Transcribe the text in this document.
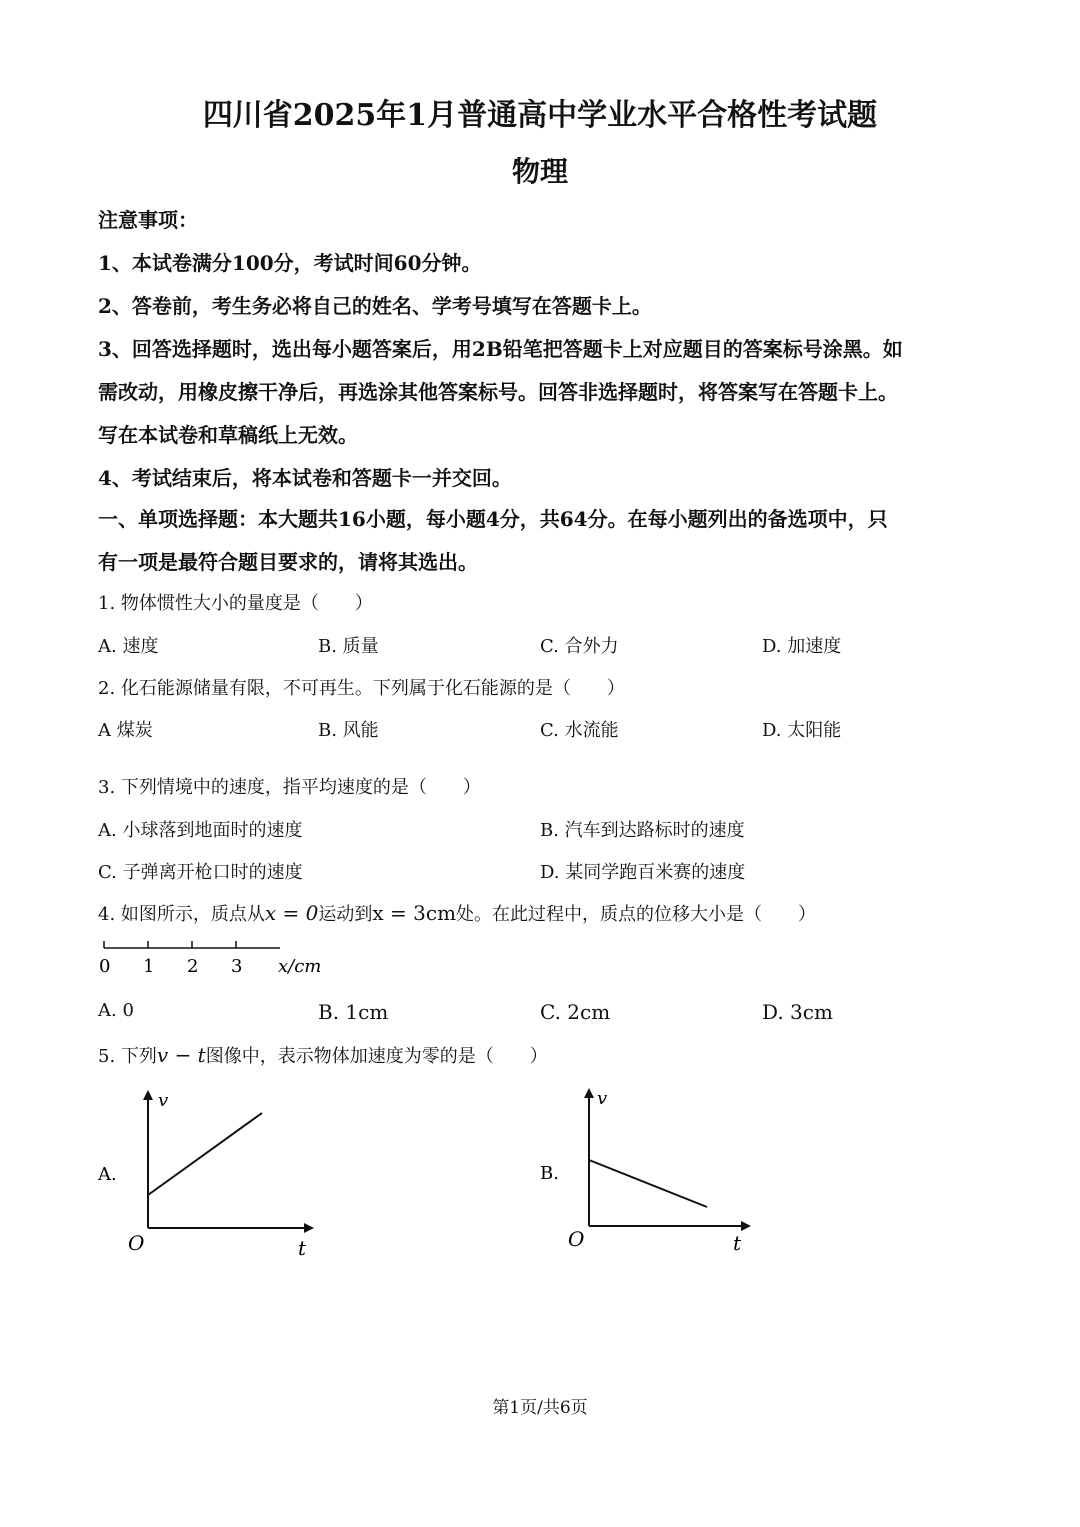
四川省2025年1月普通高中学业水平合格性考试题
物理
注意事项：
1、本试卷满分100分，考试时间60分钟。
2、答卷前，考生务必将自己的姓名、学考号填写在答题卡上。
3、回答选择题时，选出每小题答案后，用2B铅笔把答题卡上对应题目的答案标号涂黑。如
需改动，用橡皮擦干净后，再选涂其他答案标号。回答非选择题时，将答案写在答题卡上。
写在本试卷和草稿纸上无效。
4、考试结束后，将本试卷和答题卡一并交回。
一、单项选择题：本大题共16小题，每小题4分，共64分。在每小题列出的备选项中，只
有一项是最符合题目要求的，请将其选出。
1. 物体惯性大小的量度是（　　）
A. 速度	B. 质量	C. 合外力	D. 加速度
2. 化石能源储量有限，不可再生。下列属于化石能源的是（　　）
A 煤炭	B. 风能	C. 水流能	D. 太阳能
3. 下列情境中的速度，指平均速度的是（　　）
A. 小球落到地面时的速度	B. 汽车到达路标时的速度
C. 子弹离开枪口时的速度	D. 某同学跑百米赛的速度
4. 如图所示，质点从x = 0运动到x = 3cm处。在此过程中，质点的位移大小是（　　）
0 1 2 3 x/cm
A. 0	B. 1cm	C. 2cm	D. 3cm
5. 下列v − t图像中，表示物体加速度为零的是（　　）
v
t
O
A.
v
t
O
B.
第1页/共6页
